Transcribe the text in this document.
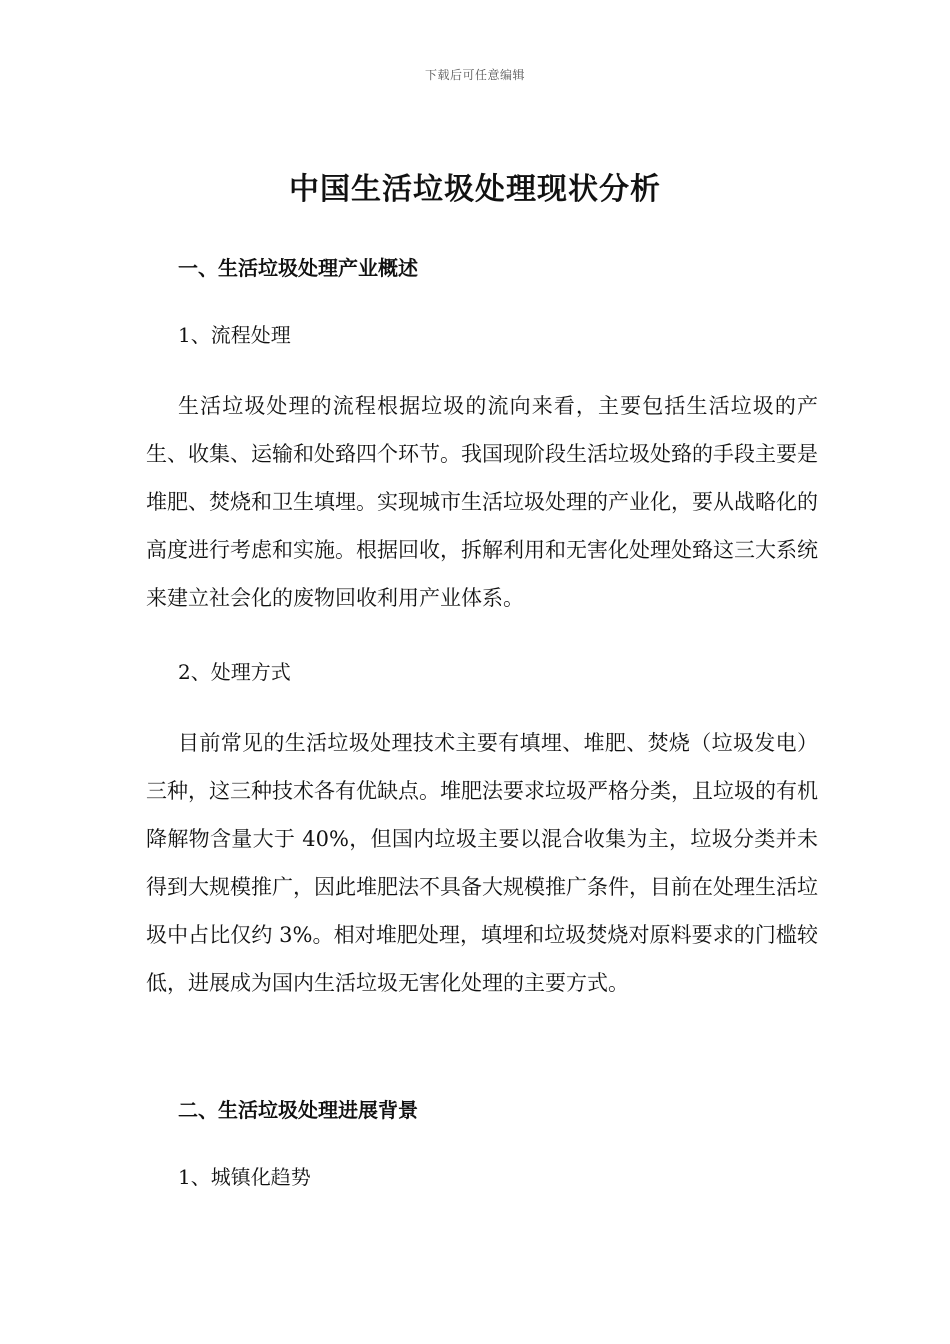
下载后可任意编辑
中国生活垃圾处理现状分析
一、生活垃圾处理产业概述
1、流程处理
生活垃圾处理的流程根据垃圾的流向来看，主要包括生活垃圾的产生、收集、运输和处臵四个环节。我国现阶段生活垃圾处臵的手段主要是堆肥、焚烧和卫生填埋。实现城市生活垃圾处理的产业化，要从战略化的高度进行考虑和实施。根据回收，拆解利用和无害化处理处臵这三大系统来建立社会化的废物回收利用产业体系。
2、处理方式
目前常见的生活垃圾处理技术主要有填埋、堆肥、焚烧（垃圾发电）三种，这三种技术各有优缺点。堆肥法要求垃圾严格分类，且垃圾的有机降解物含量大于 40%，但国内垃圾主要以混合收集为主，垃圾分类并未得到大规模推广，因此堆肥法不具备大规模推广条件，目前在处理生活垃圾中占比仅约 3%。相对堆肥处理，填埋和垃圾焚烧对原料要求的门槛较低，进展成为国内生活垃圾无害化处理的主要方式。
二、生活垃圾处理进展背景
1、城镇化趋势
